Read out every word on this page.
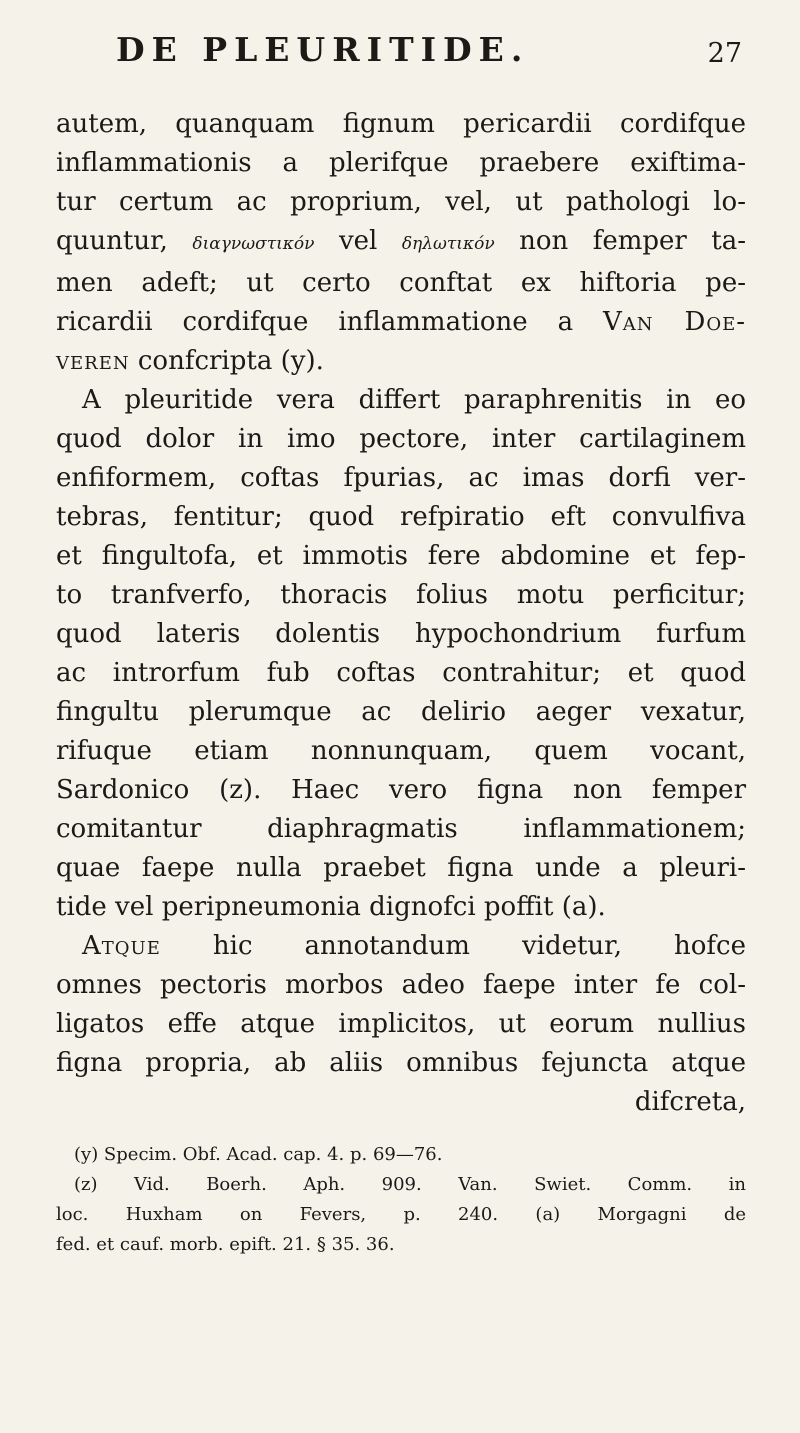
DE PLEURITIDE.	27
autem, quanquam fignum pericardii cordifque
inflammationis a plerifque praebere exiftima-
tur certum ac proprium, vel, ut pathologi lo-
quuntur, διαγνωστικόν vel δηλωτικόν non femper ta-
men adeft; ut certo conftat ex hiftoria pe-
ricardii cordifque inflammatione a Van Doe-
veren confcripta (y).
A pleuritide vera differt paraphrenitis in eo
quod dolor in imo pectore, inter cartilaginem
enfiformem, coftas fpurias, ac imas dorfi ver-
tebras, fentitur; quod refpiratio eft convulfiva
et fingultofa, et immotis fere abdomine et fep-
to tranfverfo, thoracis folius motu perficitur;
quod lateris dolentis hypochondrium furfum
ac introrfum fub coftas contrahitur; et quod
fingultu plerumque ac delirio aeger vexatur,
rifuque etiam nonnunquam, quem vocant,
Sardonico (z). Haec vero figna non femper
comitantur diaphragmatis inflammationem;
quae faepe nulla praebet figna unde a pleuri-
tide vel peripneumonia dignofci poffit (a).
Atque hic annotandum videtur, hofce
omnes pectoris morbos adeo faepe inter fe col-
ligatos effe atque implicitos, ut eorum nullius
figna propria, ab aliis omnibus fejuncta atque
difcreta,
(y) Specim. Obf. Acad. cap. 4. p. 69—76.
(z) Vid. Boerh. Aph. 909. Van. Swiet. Comm. in
loc. Huxham on Fevers, p. 240. (a) Morgagni de
fed. et cauf. morb. epift. 21. § 35. 36.
